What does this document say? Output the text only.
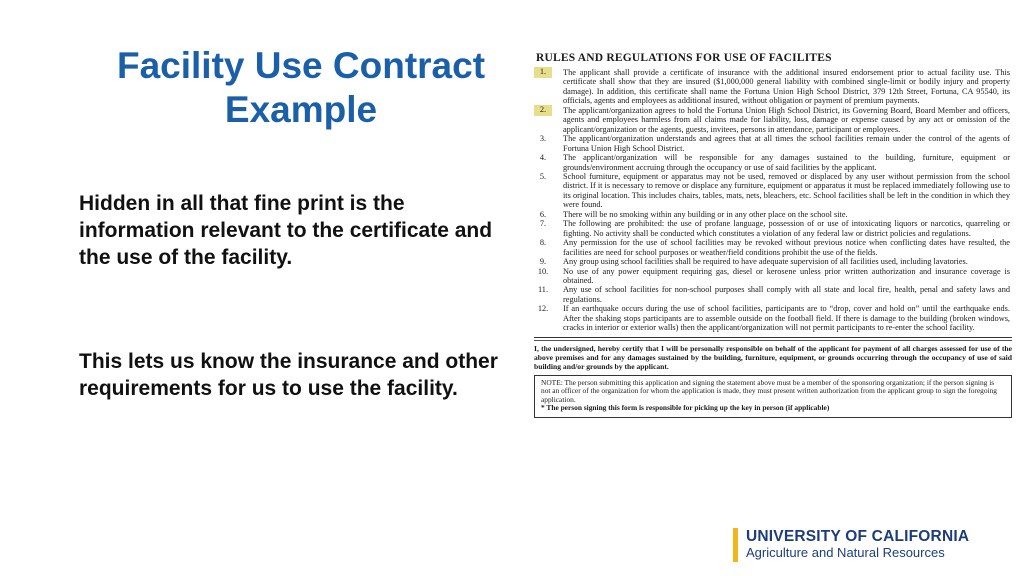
Facility Use Contract
Example

Hidden in all that fine print is the information relevant to the certificate and the use of the facility.

This lets us know the insurance and other requirements for us to use the facility.

RULES AND REGULATIONS FOR USE OF FACILITES
1.	The applicant shall provide a certificate of insurance with the additional insured endorsement prior to actual facility use. This certificate shall show that they are insured ($1,000,000 general liability with combined single-limit or bodily injury and property damage). In addition, this certificate shall name the Fortuna Union High School District, 379 12th Street, Fortuna, CA 95540, its officials, agents and employees as additional insured, without obligation or payment of premium payments.
2.	The applicant/organization agrees to hold the Fortuna Union High School District, its Governing Board, Board Member and officers, agents and employees harmless from all claims made for liability, loss, damage or expense caused by any act or omission of the applicant/organization or the agents, guests, invitees, persons in attendance, participant or employees.
3.	The applicant/organization understands and agrees that at all times the school facilities remain under the control of the agents of Fortuna Union High School District.
4.	The applicant/organization will be responsible for any damages sustained to the building, furniture, equipment or grounds/environment accruing through the occupancy or use of said facilities by the applicant.
5.	School furniture, equipment or apparatus may not be used, removed or displaced by any user without permission from the school district. If it is necessary to remove or displace any furniture, equipment or apparatus it must be replaced immediately following use to its original location. This includes chairs, tables, mats, nets, bleachers, etc. School facilities shall be left in the condition in which they were found.
6.	There will be no smoking within any building or in any other place on the school site.
7.	The following are prohibited: the use of profane language, possession of or use of intoxicating liquors or narcotics, quarreling or fighting. No activity shall be conducted which constitutes a violation of any federal law or district policies and regulations.
8.	Any permission for the use of school facilities may be revoked without previous notice when conflicting dates have resulted, the facilities are need for school purposes or weather/field conditions prohibit the use of the fields.
9.	Any group using school facilities shall be required to have adequate supervision of all facilities used, including lavatories.
10.	No use of any power equipment requiring gas, diesel or kerosene unless prior written authorization and insurance coverage is obtained.
11.	Any use of school facilities for non-school purposes shall comply with all state and local fire, health, penal and safety laws and regulations.
12.	If an earthquake occurs during the use of school facilities, participants are to “drop, cover and hold on” until the earthquake ends. After the shaking stops participants are to assemble outside on the football field. If there is damage to the building (broken windows, cracks in interior or exterior walls) then the applicant/organization will not permit participants to re-enter the school facility.

I, the undersigned, hereby certify that I will be personally responsible on behalf of the applicant for payment of all charges assessed for use of the above premises and for any damages sustained by the building, furniture, equipment, or grounds occurring through the occupancy of use of said building and/or grounds by the applicant.

NOTE: The person submitting this application and signing the statement above must be a member of the sponsoring organization; if the person signing is not an officer of the organization for whom the application is made, they must present written authorization from the applicant group to sign the foregoing application.
* The person signing this form is responsible for picking up the key in person (if applicable)
UNIVERSITY OF CALIFORNIA
Agriculture and Natural Resources
